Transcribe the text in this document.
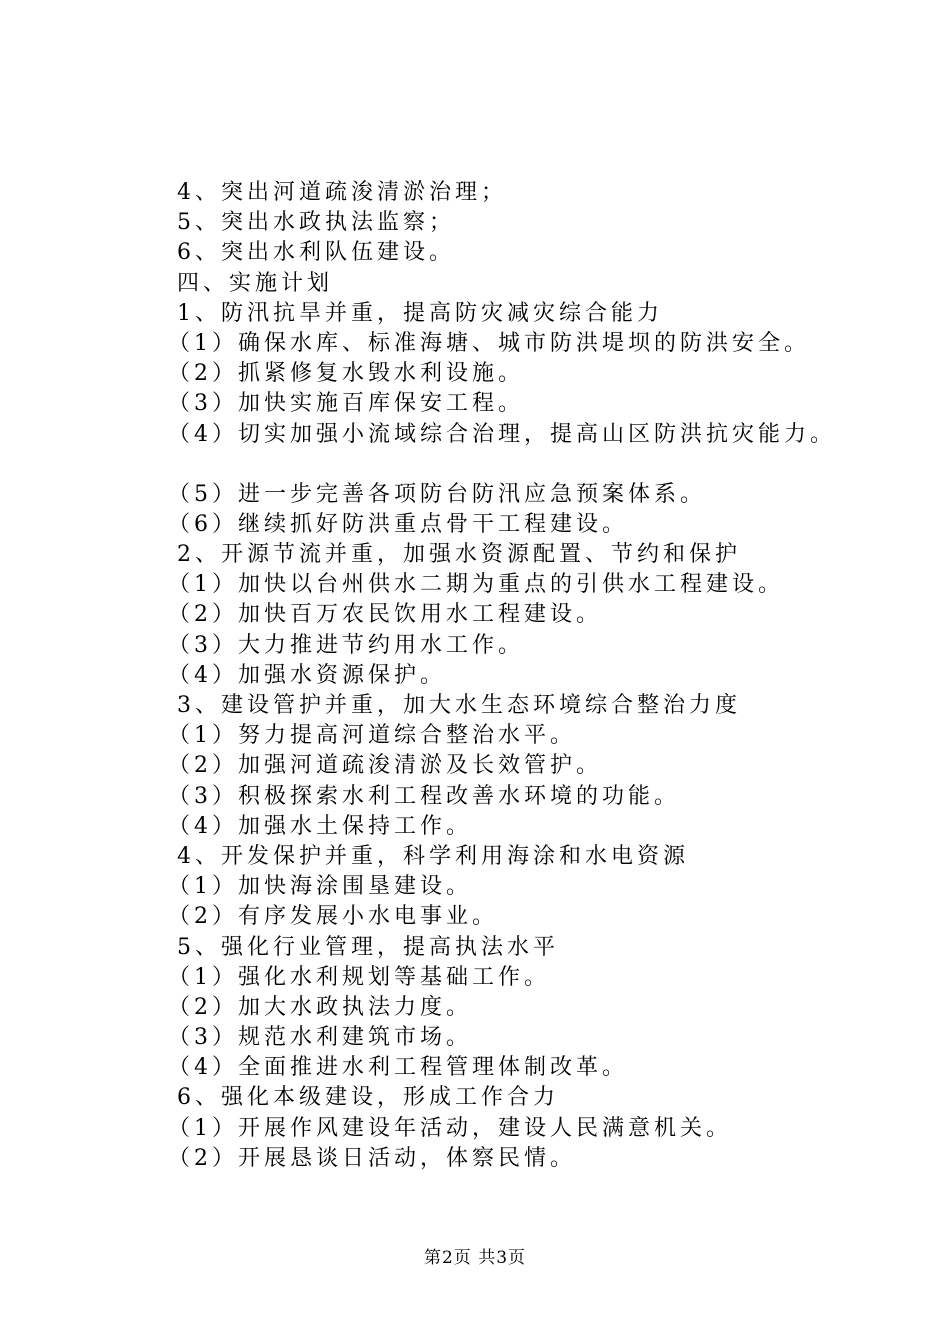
4、突出河道疏浚清淤治理；
5、突出水政执法监察；
6、突出水利队伍建设。
四、实施计划
1、防汛抗旱并重，提高防灾减灾综合能力
（1）确保水库、标准海塘、城市防洪堤坝的防洪安全。
（2）抓紧修复水毁水利设施。
（3）加快实施百库保安工程。
（4）切实加强小流域综合治理，提高山区防洪抗灾能力。
（5）进一步完善各项防台防汛应急预案体系。
（6）继续抓好防洪重点骨干工程建设。
2、开源节流并重，加强水资源配置、节约和保护
（1）加快以台州供水二期为重点的引供水工程建设。
（2）加快百万农民饮用水工程建设。
（3）大力推进节约用水工作。
（4）加强水资源保护。
3、建设管护并重，加大水生态环境综合整治力度
（1）努力提高河道综合整治水平。
（2）加强河道疏浚清淤及长效管护。
（3）积极探索水利工程改善水环境的功能。
（4）加强水土保持工作。
4、开发保护并重，科学利用海涂和水电资源
（1）加快海涂围垦建设。
（2）有序发展小水电事业。
5、强化行业管理，提高执法水平
（1）强化水利规划等基础工作。
（2）加大水政执法力度。
（3）规范水利建筑市场。
（4）全面推进水利工程管理体制改革。
6、强化本级建设，形成工作合力
（1）开展作风建设年活动，建设人民满意机关。
（2）开展恳谈日活动，体察民情。
第2页 共3页
